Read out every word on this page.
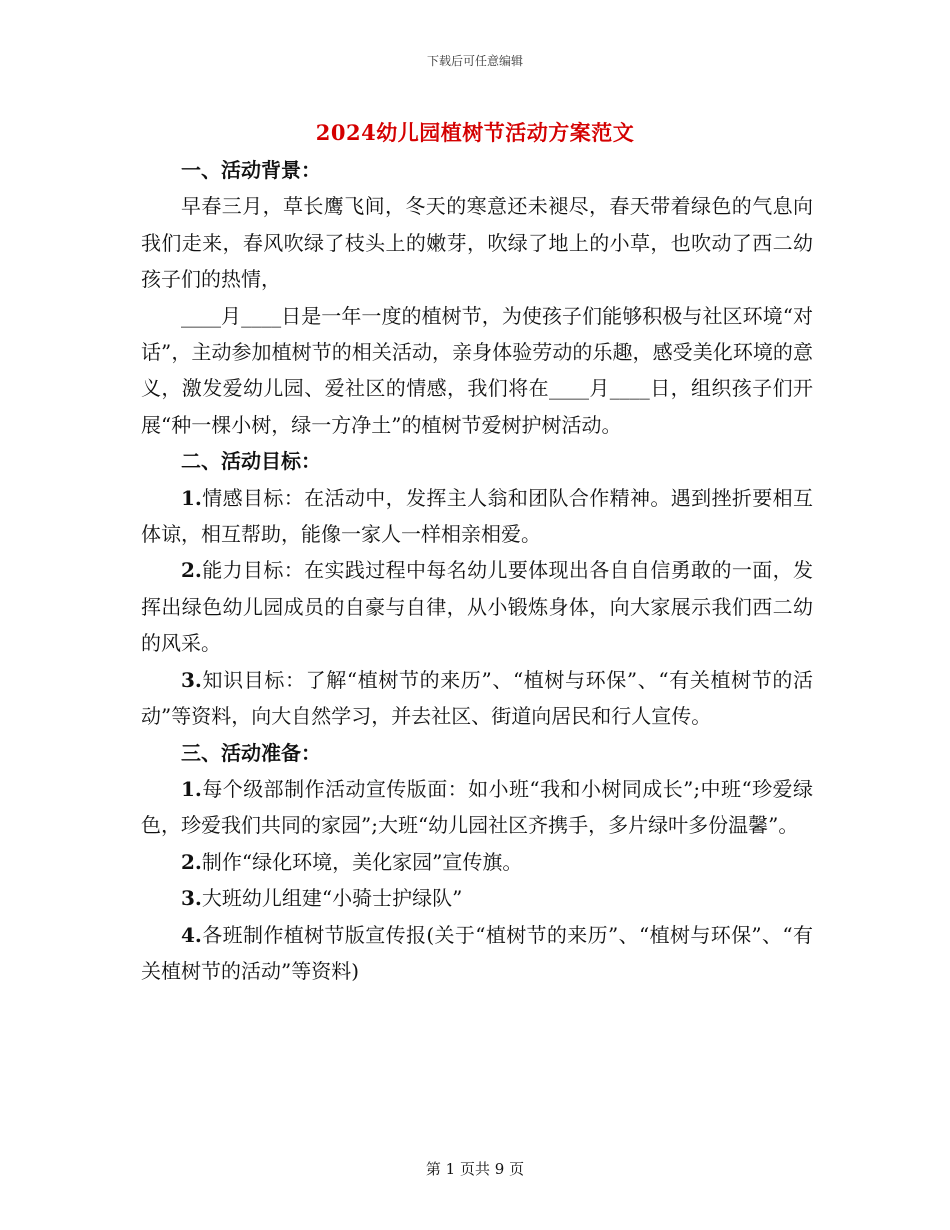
下载后可任意编辑
2024幼儿园植树节活动方案范文

一、活动背景：

早春三月，草长鹰飞间，冬天的寒意还未褪尽，春天带着绿色的气息向我们走来，春风吹绿了枝头上的嫩芽，吹绿了地上的小草，也吹动了西二幼孩子们的热情，

____月____日是一年一度的植树节，为使孩子们能够积极与社区环境“对话”，主动参加植树节的相关活动，亲身体验劳动的乐趣，感受美化环境的意义，激发爱幼儿园、爱社区的情感，我们将在____月____日，组织孩子们开展“种一棵小树，绿一方净土”的植树节爱树护树活动。

二、活动目标：

1.情感目标：在活动中，发挥主人翁和团队合作精神。遇到挫折要相互体谅，相互帮助，能像一家人一样相亲相爱。

2.能力目标：在实践过程中每名幼儿要体现出各自自信勇敢的一面，发挥出绿色幼儿园成员的自豪与自律，从小锻炼身体，向大家展示我们西二幼的风采。

3.知识目标：了解“植树节的来历”、“植树与环保”、“有关植树节的活动”等资料，向大自然学习，并去社区、街道向居民和行人宣传。

三、活动准备：

1.每个级部制作活动宣传版面：如小班“我和小树同成长”;中班“珍爱绿色，珍爱我们共同的家园”;大班“幼儿园社区齐携手，多片绿叶多份温馨”。

2.制作“绿化环境，美化家园”宣传旗。

3.大班幼儿组建“小骑士护绿队”

4.各班制作植树节版宣传报(关于“植树节的来历”、“植树与环保”、“有关植树节的活动”等资料)

第 1 页共 9 页
